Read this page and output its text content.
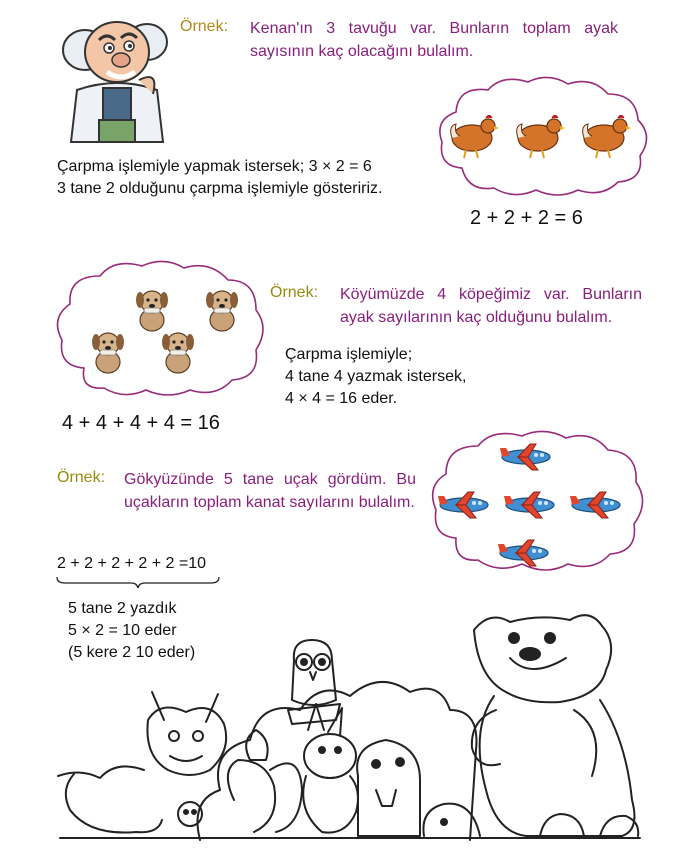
Örnek: Kenan'ın 3 tavuğu var. Bunların toplam ayak sayısının kaç olacağını bulalım.
Çarpma işlemiyle yapmak istersek; 3 × 2 = 6
3 tane 2 olduğunu çarpma işlemiyle gösteririz.
2 + 2 + 2 = 6
Örnek: Köyümüzde 4 köpeğimiz var. Bunların ayak sayılarının kaç olduğunu bulalım.
Çarpma işlemiyle;
4 tane 4 yazmak istersek,
4 × 4 = 16 eder.
4 + 4 + 4 + 4 = 16
Örnek: Gökyüzünde 5 tane uçak gördüm. Bu uçakların toplam kanat sayılarını bulalım.
2 + 2 + 2 + 2 + 2 =10
5 tane 2 yazdık
5 × 2 = 10 eder
(5 kere 2 10 eder)
